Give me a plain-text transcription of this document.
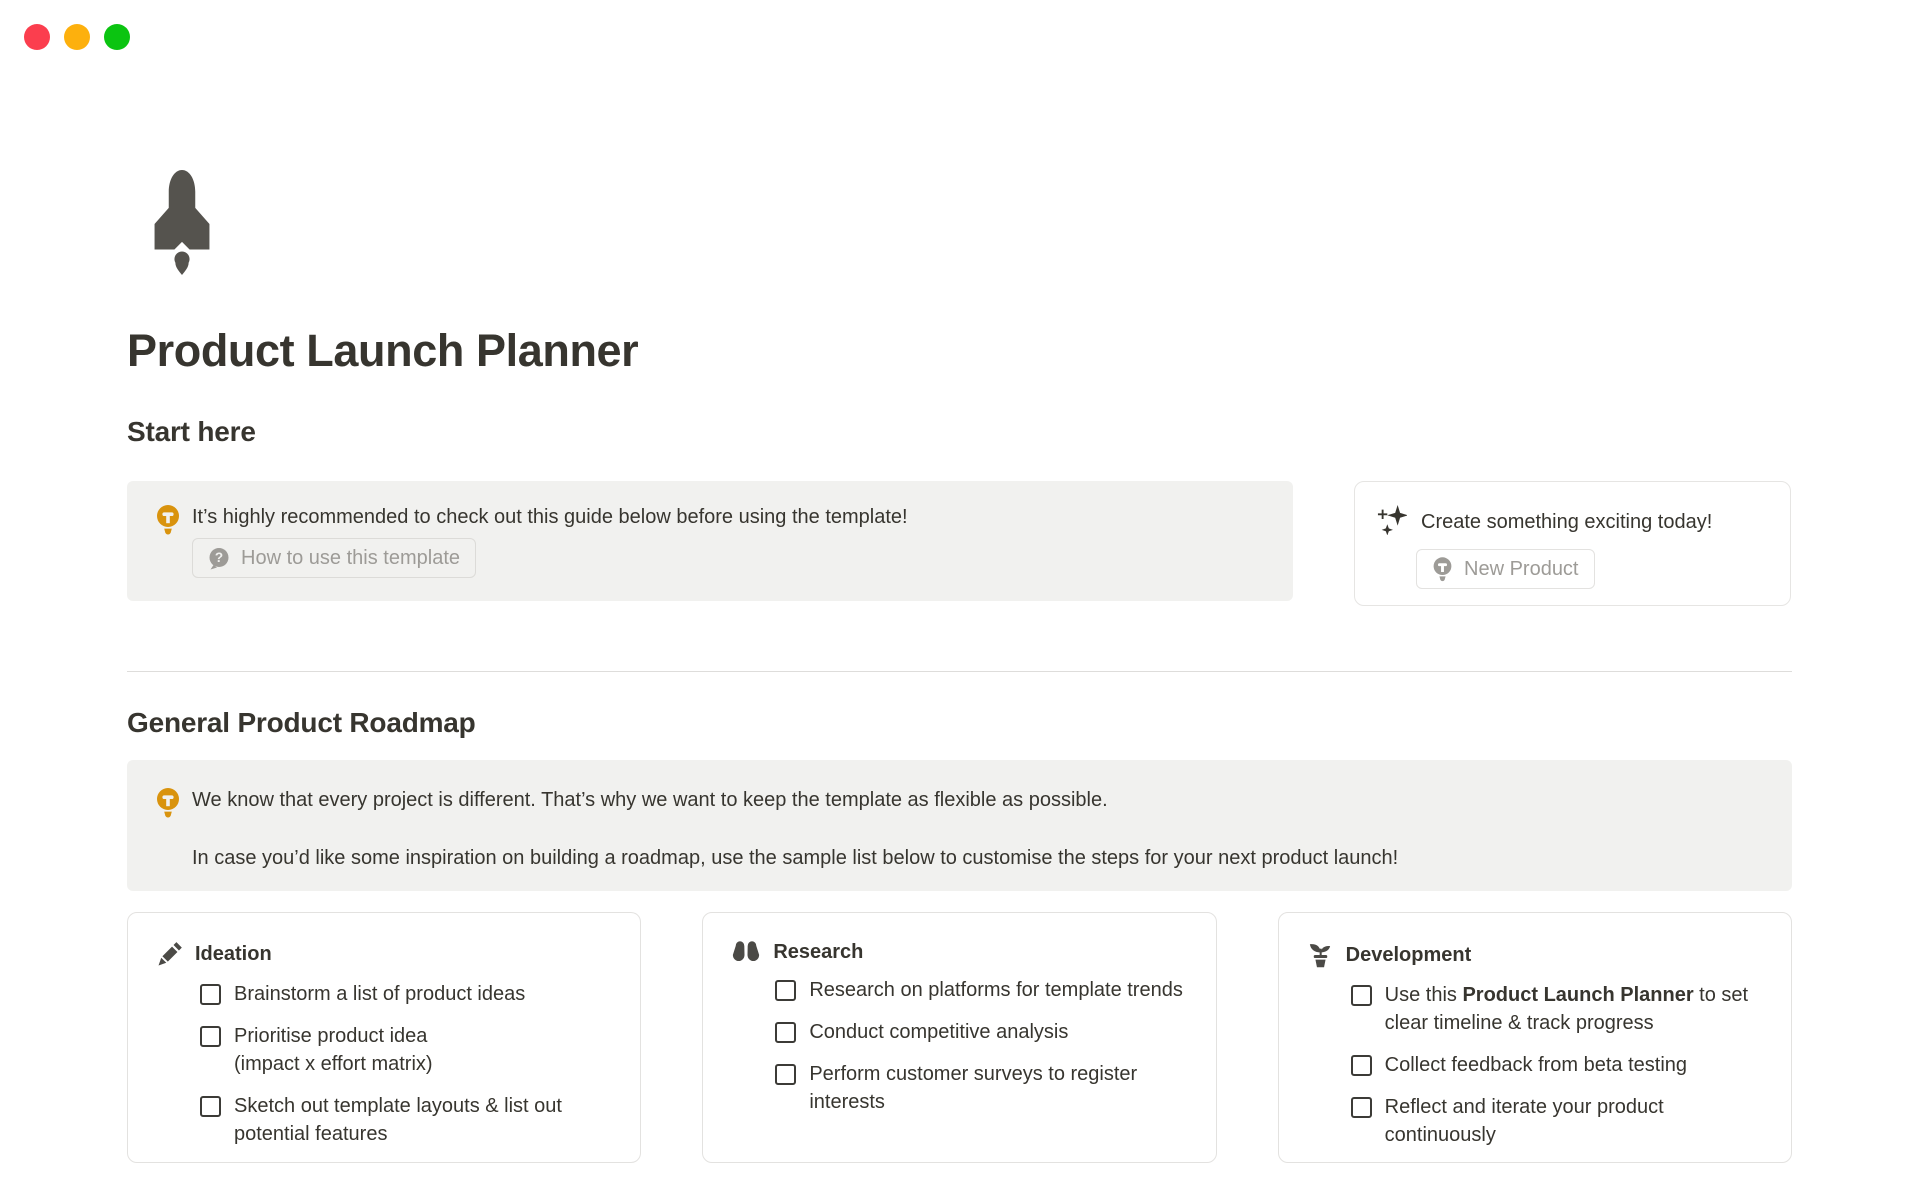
Product Launch Planner
Start here
It’s highly recommended to check out this guide below before using the template!
? How to use this template
Create something exciting today!
New Product
General Product Roadmap

We know that every project is different. That’s why we want to keep the template as flexible as possible.

In case you’d like some inspiration on building a roadmap, use the sample list below to customise the steps for your next product launch!

Ideation
Brainstorm a list of product ideas
Prioritise product idea
(impact x effort matrix)
Sketch out template layouts & list out potential features
Research
Research on platforms for template trends
Conduct competitive analysis
Perform customer surveys to register interests
Development
Use this Product Launch Planner to set clear timeline & track progress
Collect feedback from beta testing
Reflect and iterate your product continuously
